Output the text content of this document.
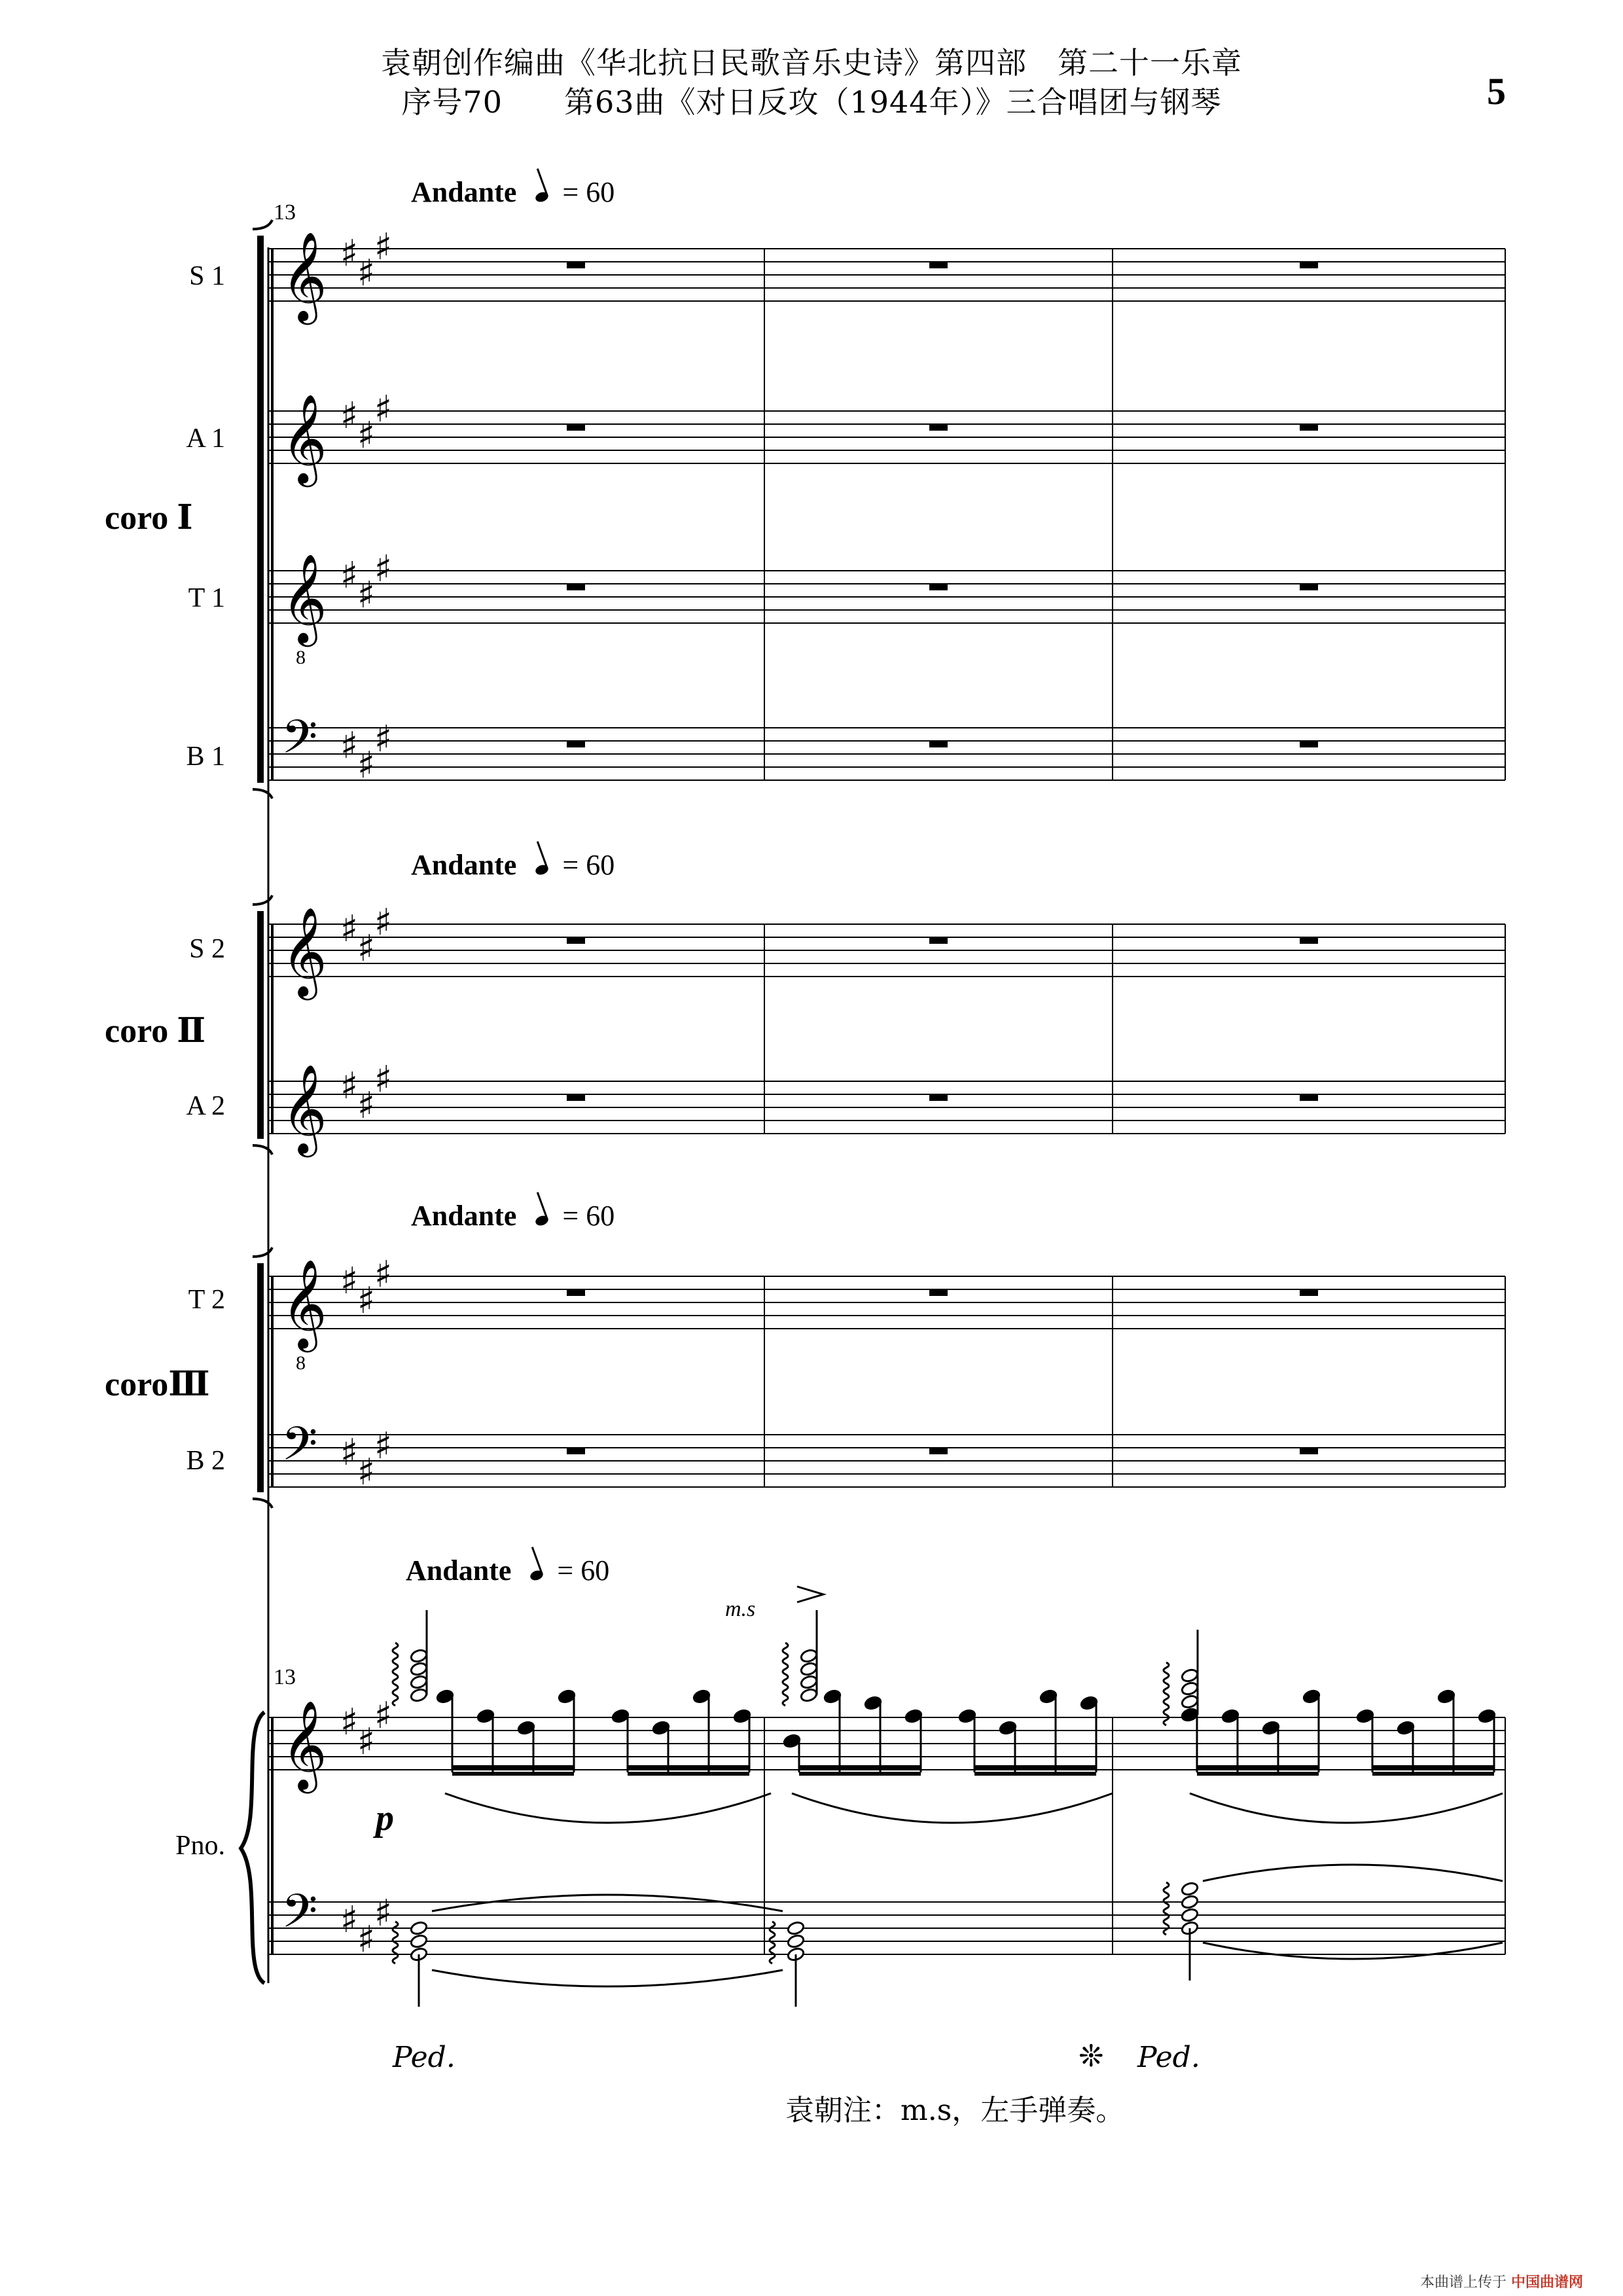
袁朝创作编曲《华北抗日民歌音乐史诗》第四部　第二十一乐章
序号70　　第63曲《对日反攻（1944年）》三合唱团与钢琴	5
Andante = 60
Andante = 60
Andante = 60
Andante = 60
13
13
S 1
A 1
T 1
B 1
S 2
A 2
T 2
B 2
Pno.
coro Ⅰ
coro Ⅱ
coroⅢ
m.s
p
Ped.	❊ Ped.
袁朝注：m.s，左手弹奏。
本曲谱上传于 中国曲谱网
𝄞 ♯
♯
♯
𝄞 ♯
♯
♯
𝄞
8
♯
♯
♯
𝄢 ♯
♯
♯
𝄞 ♯
♯
♯
𝄞 ♯
♯
♯
𝄞
8
♯
♯
♯
𝄢 ♯
♯
♯
𝄞 ♯
♯
♯
𝄢 ♯
♯
♯
